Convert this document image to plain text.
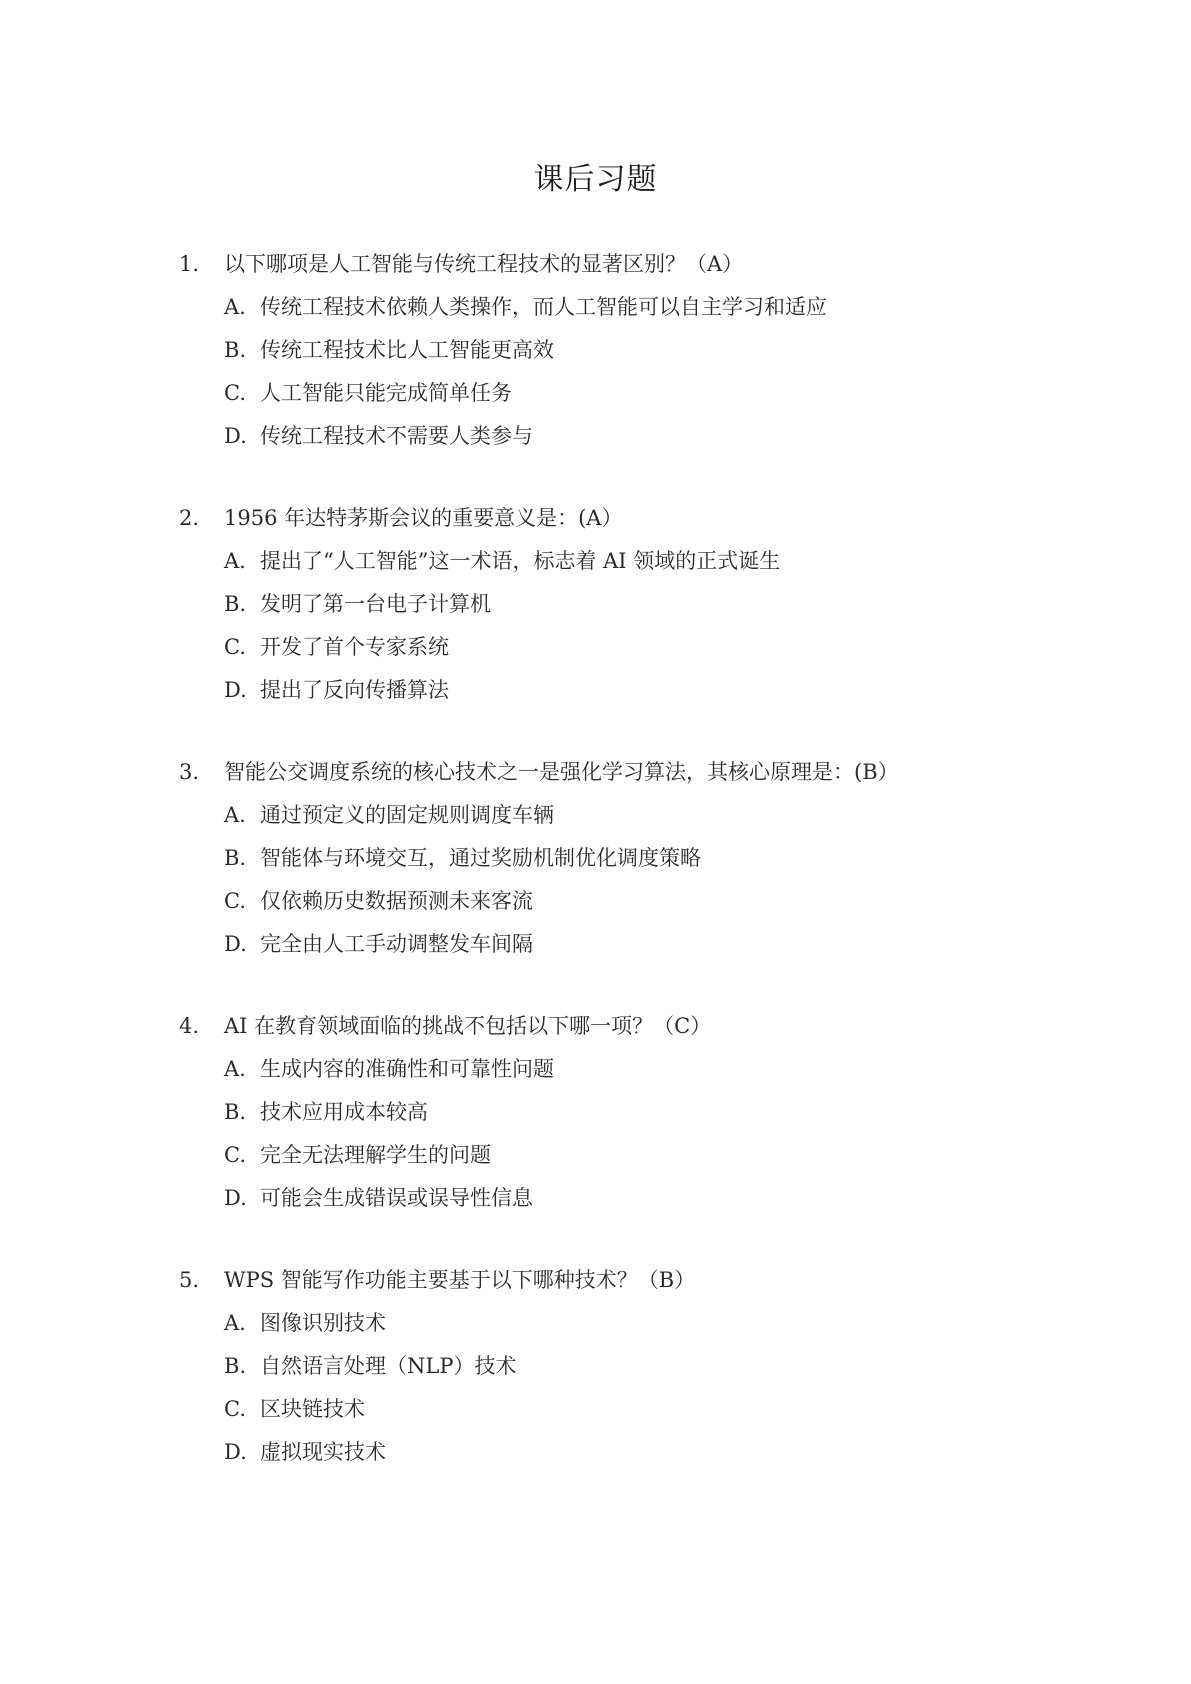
课后习题
1. 以下哪项是人工智能与传统工程技术的显著区别？（A）
A. 传统工程技术依赖人类操作，而人工智能可以自主学习和适应
B. 传统工程技术比人工智能更高效
C. 人工智能只能完成简单任务
D. 传统工程技术不需要人类参与
2. 1956 年达特茅斯会议的重要意义是：(A）
A. 提出了“人工智能”这一术语，标志着 AI 领域的正式诞生
B. 发明了第一台电子计算机
C. 开发了首个专家系统
D. 提出了反向传播算法
3. 智能公交调度系统的核心技术之一是强化学习算法，其核心原理是：(B）
A. 通过预定义的固定规则调度车辆
B. 智能体与环境交互，通过奖励机制优化调度策略
C. 仅依赖历史数据预测未来客流
D. 完全由人工手动调整发车间隔
4. AI 在教育领域面临的挑战不包括以下哪一项？（C）
A. 生成内容的准确性和可靠性问题
B. 技术应用成本较高
C. 完全无法理解学生的问题
D. 可能会生成错误或误导性信息
5. WPS 智能写作功能主要基于以下哪种技术？（B）
A. 图像识别技术
B. 自然语言处理（NLP）技术
C. 区块链技术
D. 虚拟现实技术
